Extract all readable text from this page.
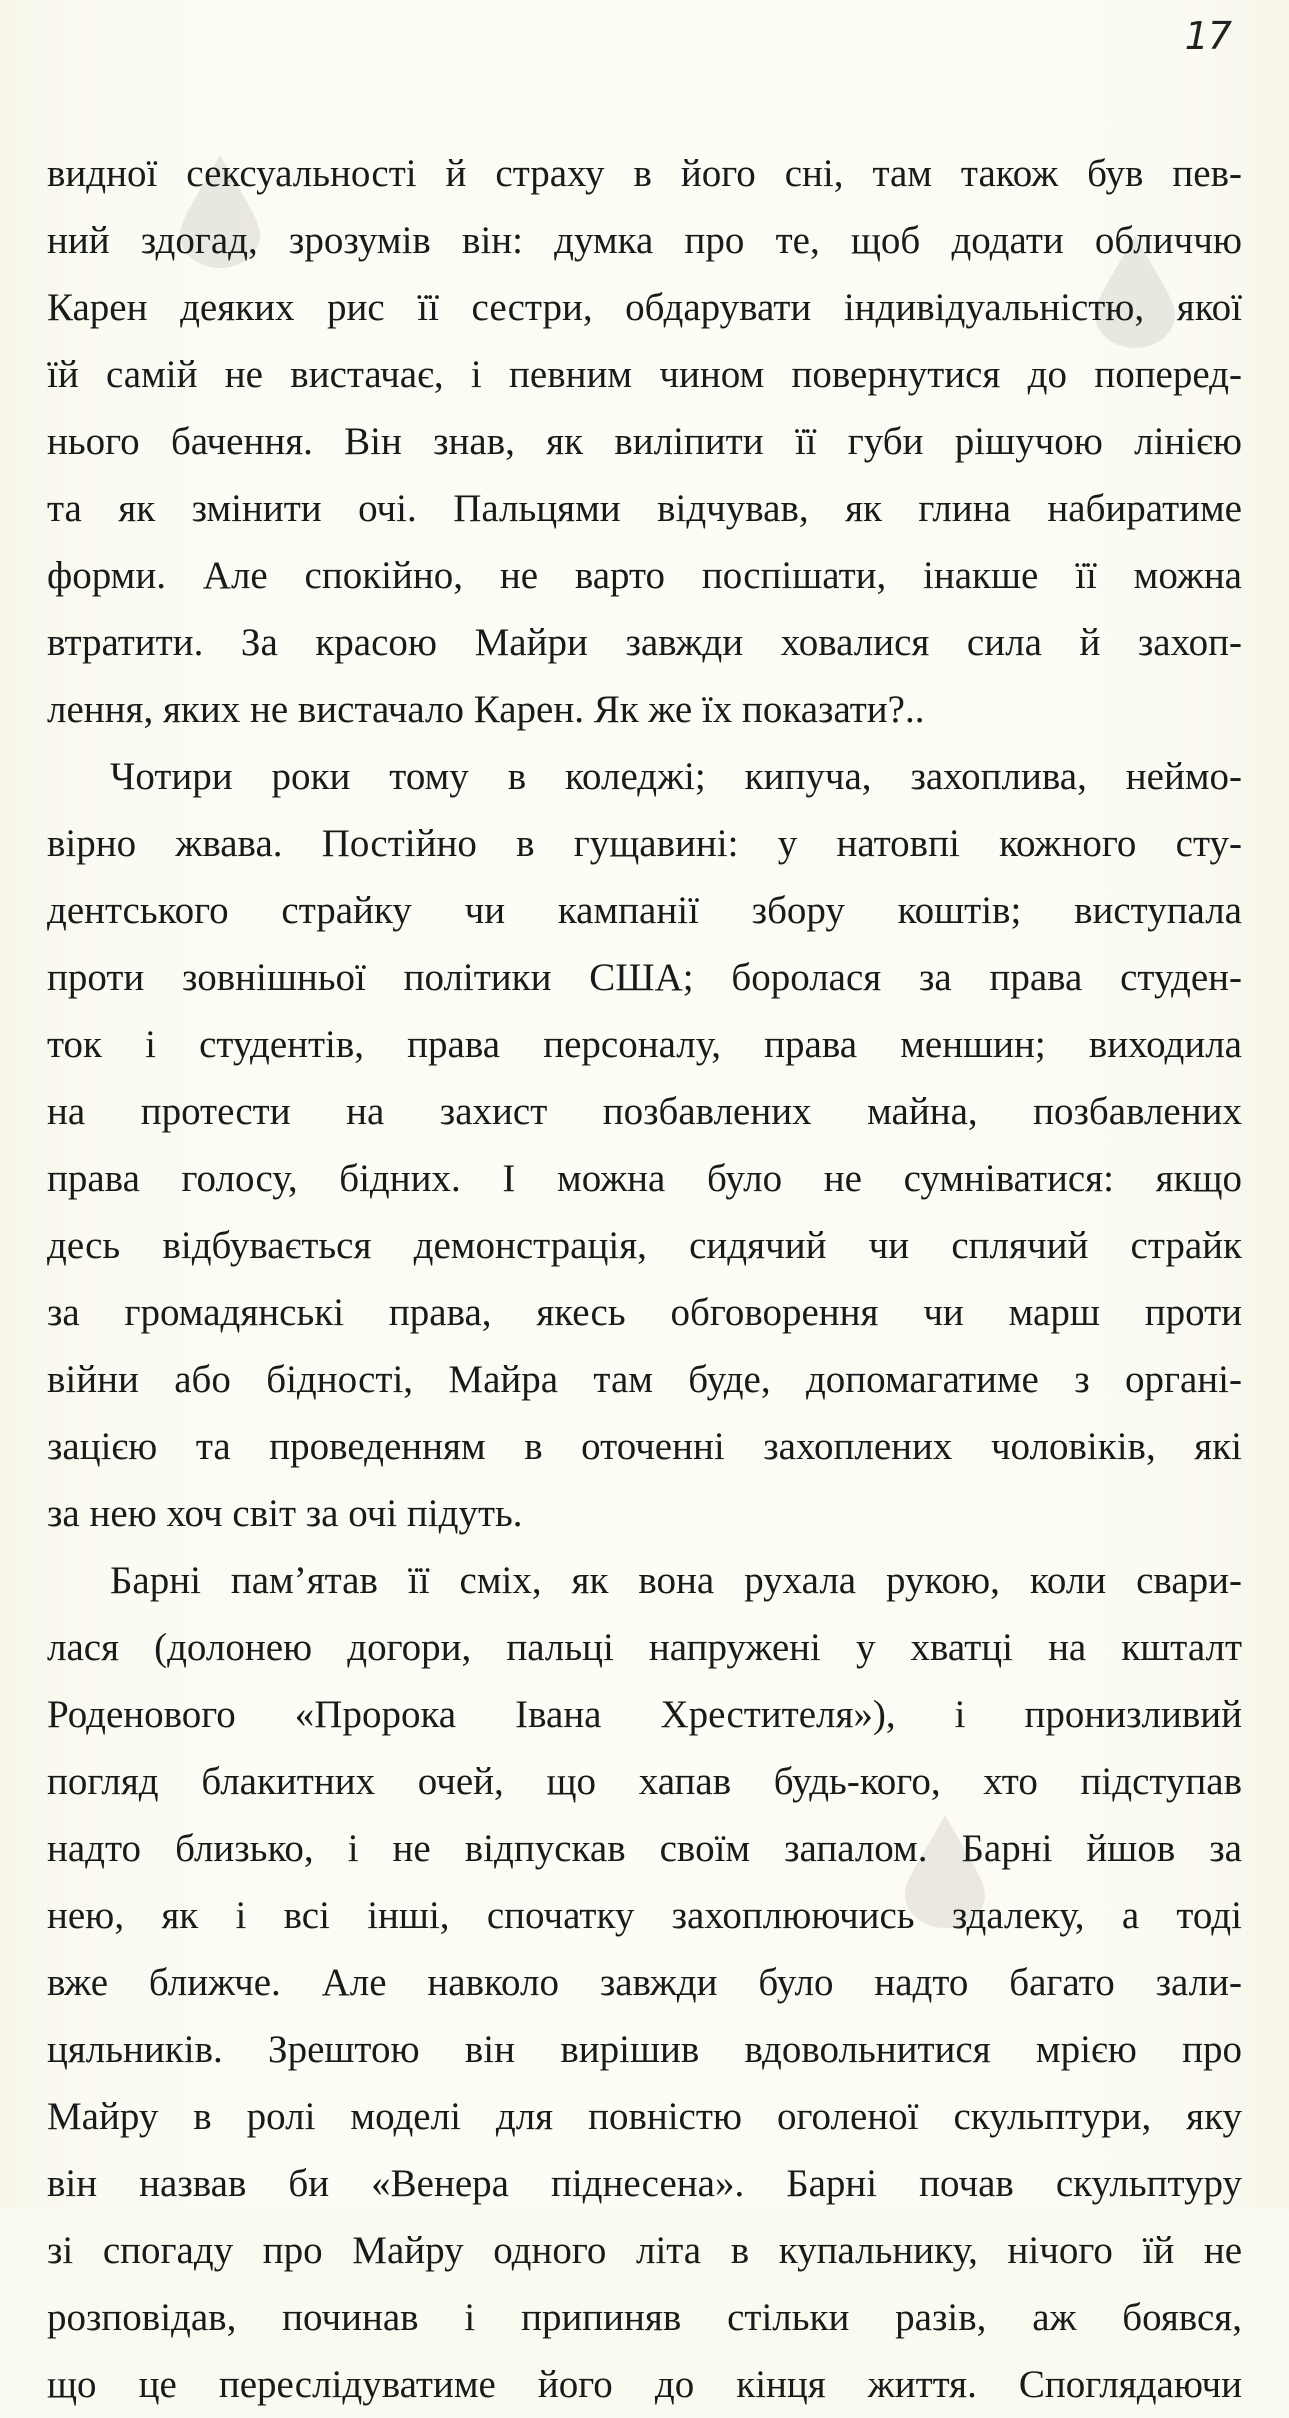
17
видної сексуальності й страху в його сні, там також був пев-
ний здогад, зрозумів він: думка про те, щоб додати обличчю
Карен деяких рис її сестри, обдарувати індивідуальністю, якої
їй самій не вистачає, і певним чином повернутися до поперед-
нього бачення. Він знав, як виліпити її губи рішучою лінією
та як змінити очі. Пальцями відчував, як глина набиратиме
форми. Але спокійно, не варто поспішати, інакше її можна
втратити. За красою Майри завжди ховалися сила й захоп-
лення, яких не вистачало Карен. Як же їх показати?..
Чотири роки тому в коледжі; кипуча, захоплива, неймо-
вірно жвава. Постійно в гущавині: у натовпі кожного сту-
дентського страйку чи кампанії збору коштів; виступала
проти зовнішньої політики США; боролася за права студен-
ток і студентів, права персоналу, права меншин; виходила
на протести на захист позбавлених майна, позбавлених
права голосу, бідних. І можна було не сумніватися: якщо
десь відбувається демонстрація, сидячий чи сплячий страйк
за громадянські права, якесь обговорення чи марш проти
війни або бідності, Майра там буде, допомагатиме з органі-
зацією та проведенням в оточенні захоплених чоловіків, які
за нею хоч світ за очі підуть.
Барні пам’ятав її сміх, як вона рухала рукою, коли свари-
лася (долонею догори, пальці напружені у хватці на кшталт
Роденового «Пророка Івана Хрестителя»), і пронизливий
погляд блакитних очей, що хапав будь-кого, хто підступав
надто близько, і не відпускав своїм запалом. Барні йшов за
нею, як і всі інші, спочатку захоплюючись здалеку, а тоді
вже ближче. Але навколо завжди було надто багато зали-
цяльників. Зрештою він вирішив вдовольнитися мрією про
Майру в ролі моделі для повністю оголеної скульптури, яку
він назвав би «Венера піднесена». Барні почав скульптуру
зі спогаду про Майру одного літа в купальнику, нічого їй не
розповідав, починав і припиняв стільки разів, аж боявся,
що це переслідуватиме його до кінця життя. Споглядаючи
